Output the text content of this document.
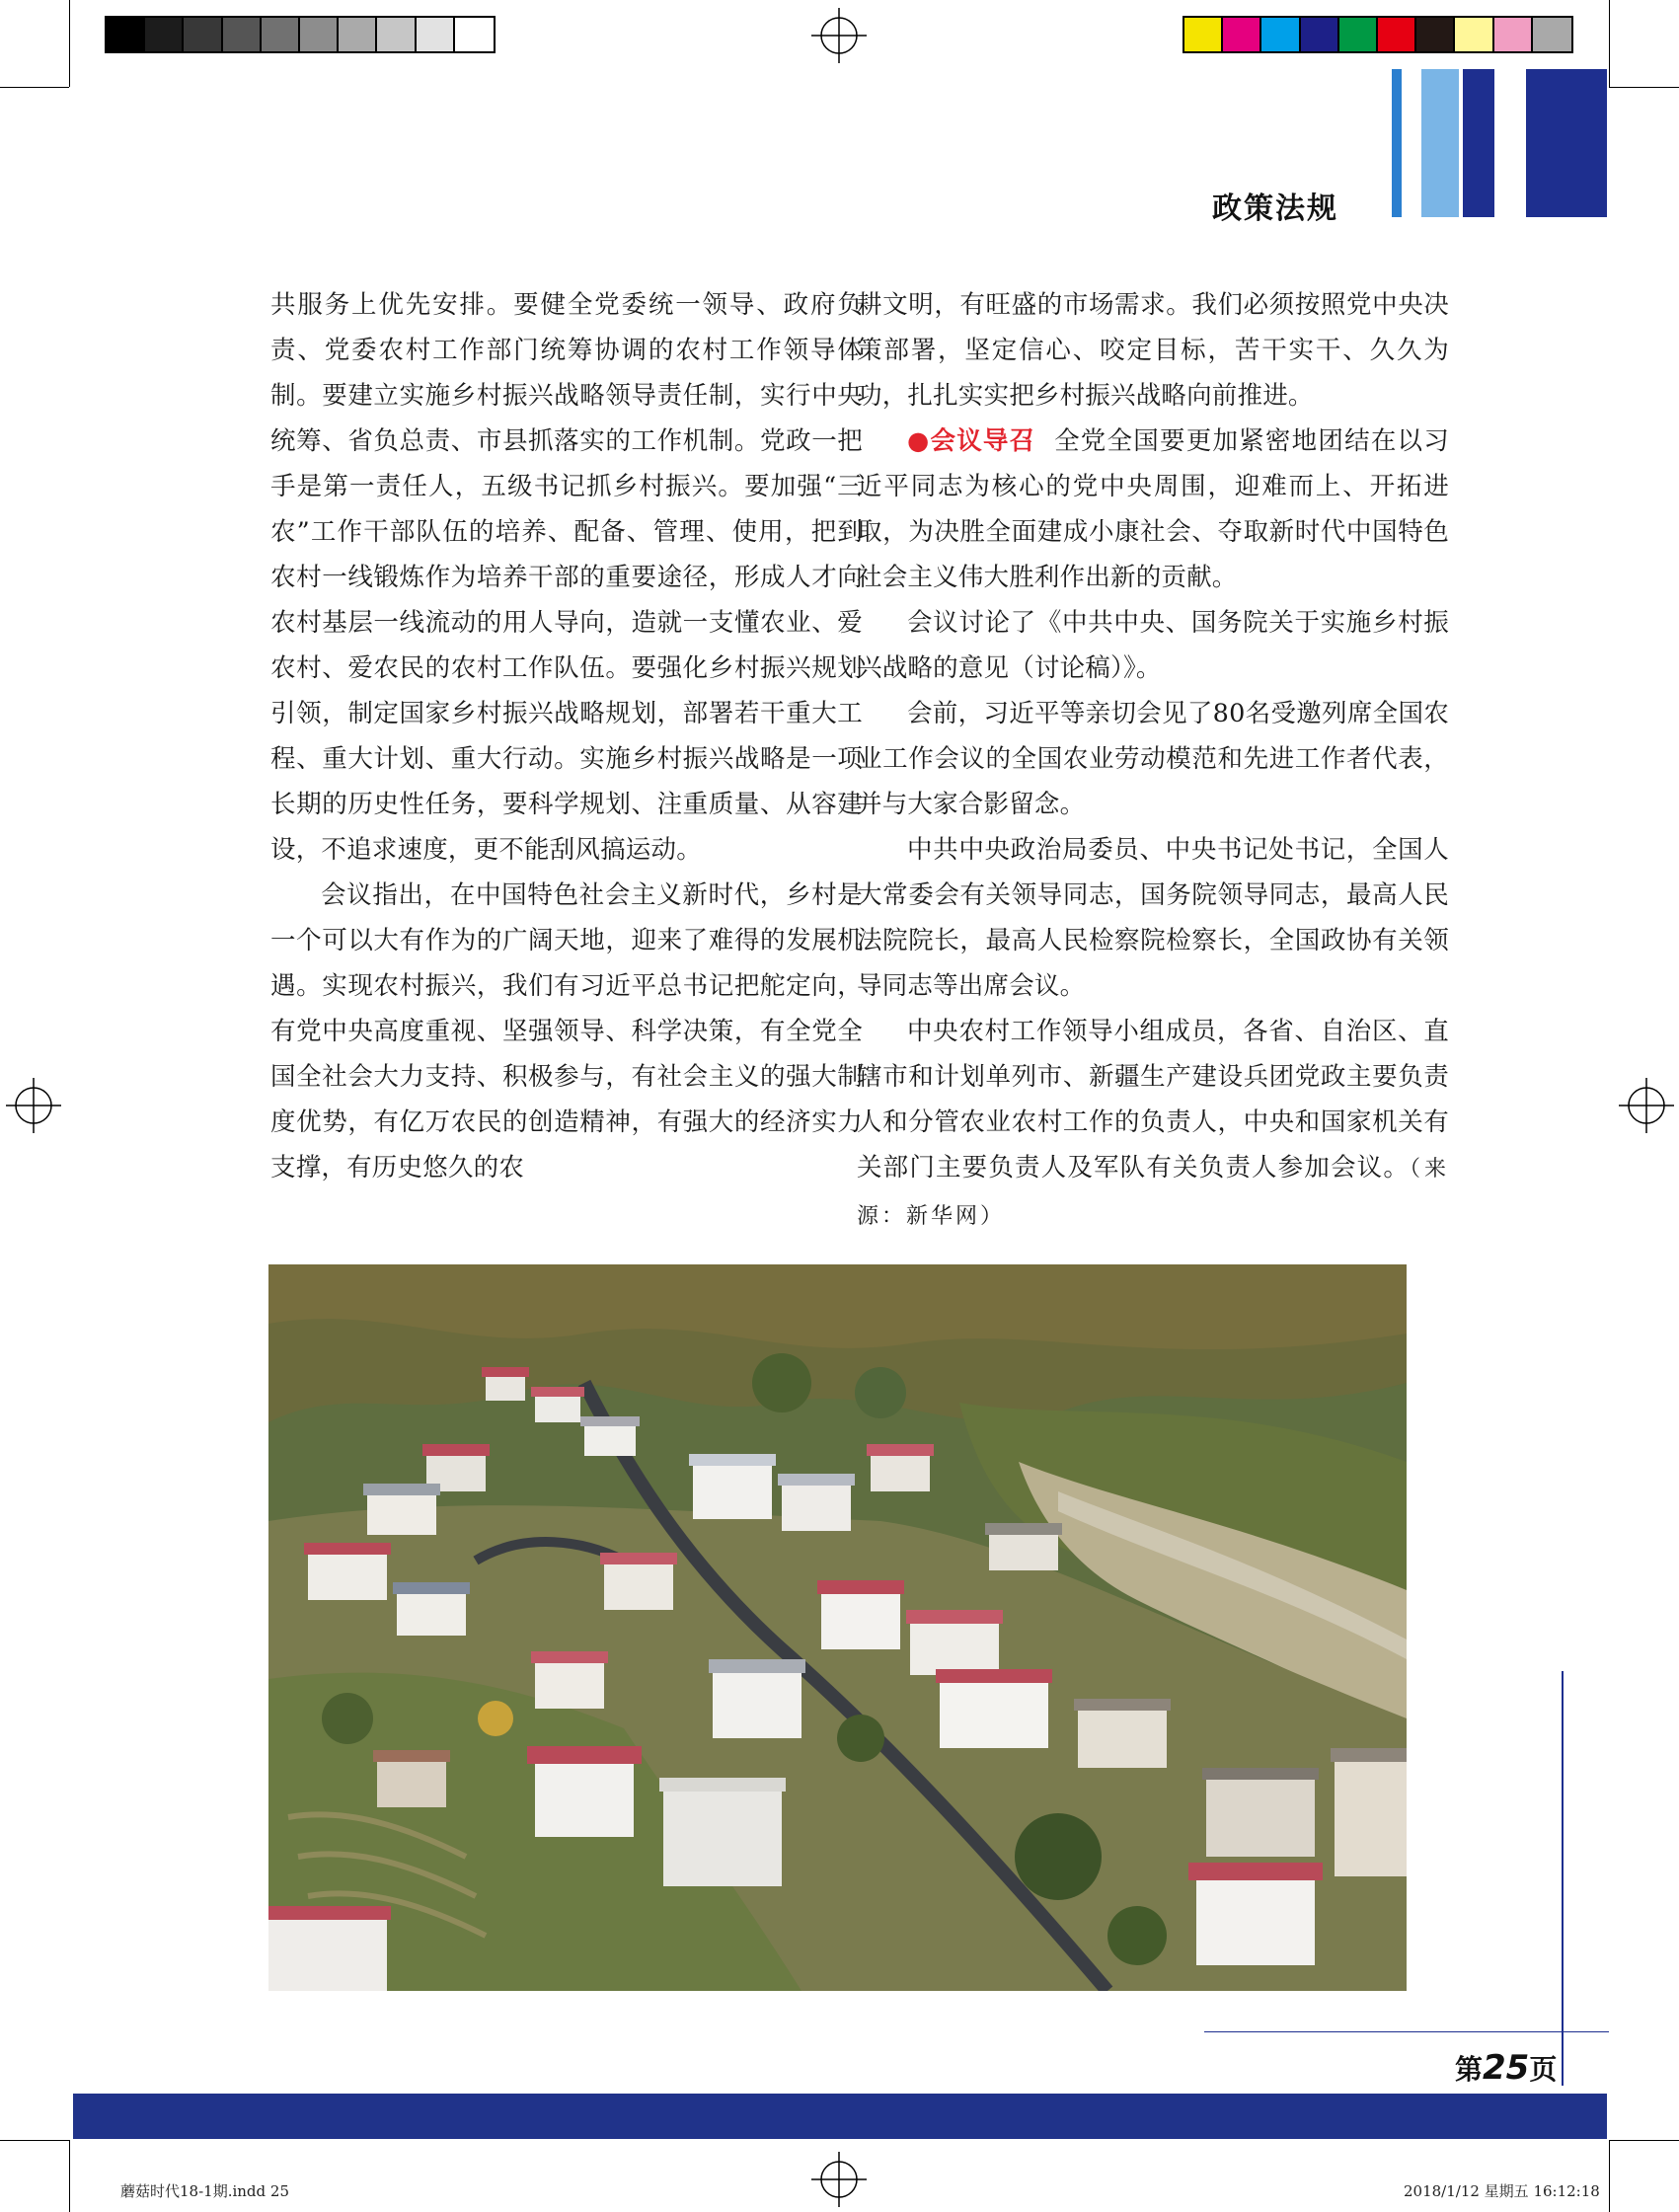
政策法规

共服务上优先安排。要健全党委统一领导、政府负责、党委农村工作部门统筹协调的农村工作领导体制。要建立实施乡村振兴战略领导责任制，实行中央统筹、省负总责、市县抓落实的工作机制。党政一把手是第一责任人，五级书记抓乡村振兴。要加强“三农”工作干部队伍的培养、配备、管理、使用，把到农村一线锻炼作为培养干部的重要途径，形成人才向农村基层一线流动的用人导向，造就一支懂农业、爱农村、爱农民的农村工作队伍。要强化乡村振兴规划引领，制定国家乡村振兴战略规划，部署若干重大工程、重大计划、重大行动。实施乡村振兴战略是一项长期的历史性任务，要科学规划、注重质量、从容建设，不追求速度，更不能刮风搞运动。

会议指出，在中国特色社会主义新时代，乡村是一个可以大有作为的广阔天地，迎来了难得的发展机遇。实现农村振兴，我们有习近平总书记把舵定向，有党中央高度重视、坚强领导、科学决策，有全党全国全社会大力支持、积极参与，有社会主义的强大制度优势，有亿万农民的创造精神，有强大的经济实力支撑，有历史悠久的农

耕文明，有旺盛的市场需求。我们必须按照党中央决策部署，坚定信心、咬定目标，苦干实干、久久为功，扎扎实实把乡村振兴战略向前推进。

●会议导召 全党全国要更加紧密地团结在以习近平同志为核心的党中央周围，迎难而上、开拓进取，为决胜全面建成小康社会、夺取新时代中国特色社会主义伟大胜利作出新的贡献。

会议讨论了《中共中央、国务院关于实施乡村振兴战略的意见（讨论稿）》。

会前，习近平等亲切会见了80名受邀列席全国农业工作会议的全国农业劳动模范和先进工作者代表，并与大家合影留念。

中共中央政治局委员、中央书记处书记，全国人大常委会有关领导同志，国务院领导同志，最高人民法院院长，最高人民检察院检察长，全国政协有关领导同志等出席会议。

中央农村工作领导小组成员，各省、自治区、直辖市和计划单列市、新疆生产建设兵团党政主要负责人和分管农业农村工作的负责人，中央和国家机关有关部门主要负责人及军队有关负责人参加会议。（来源：新华网）

第25页
蘑菇时代18-1期.indd 25	2018/1/12 星期五 16:12:18
